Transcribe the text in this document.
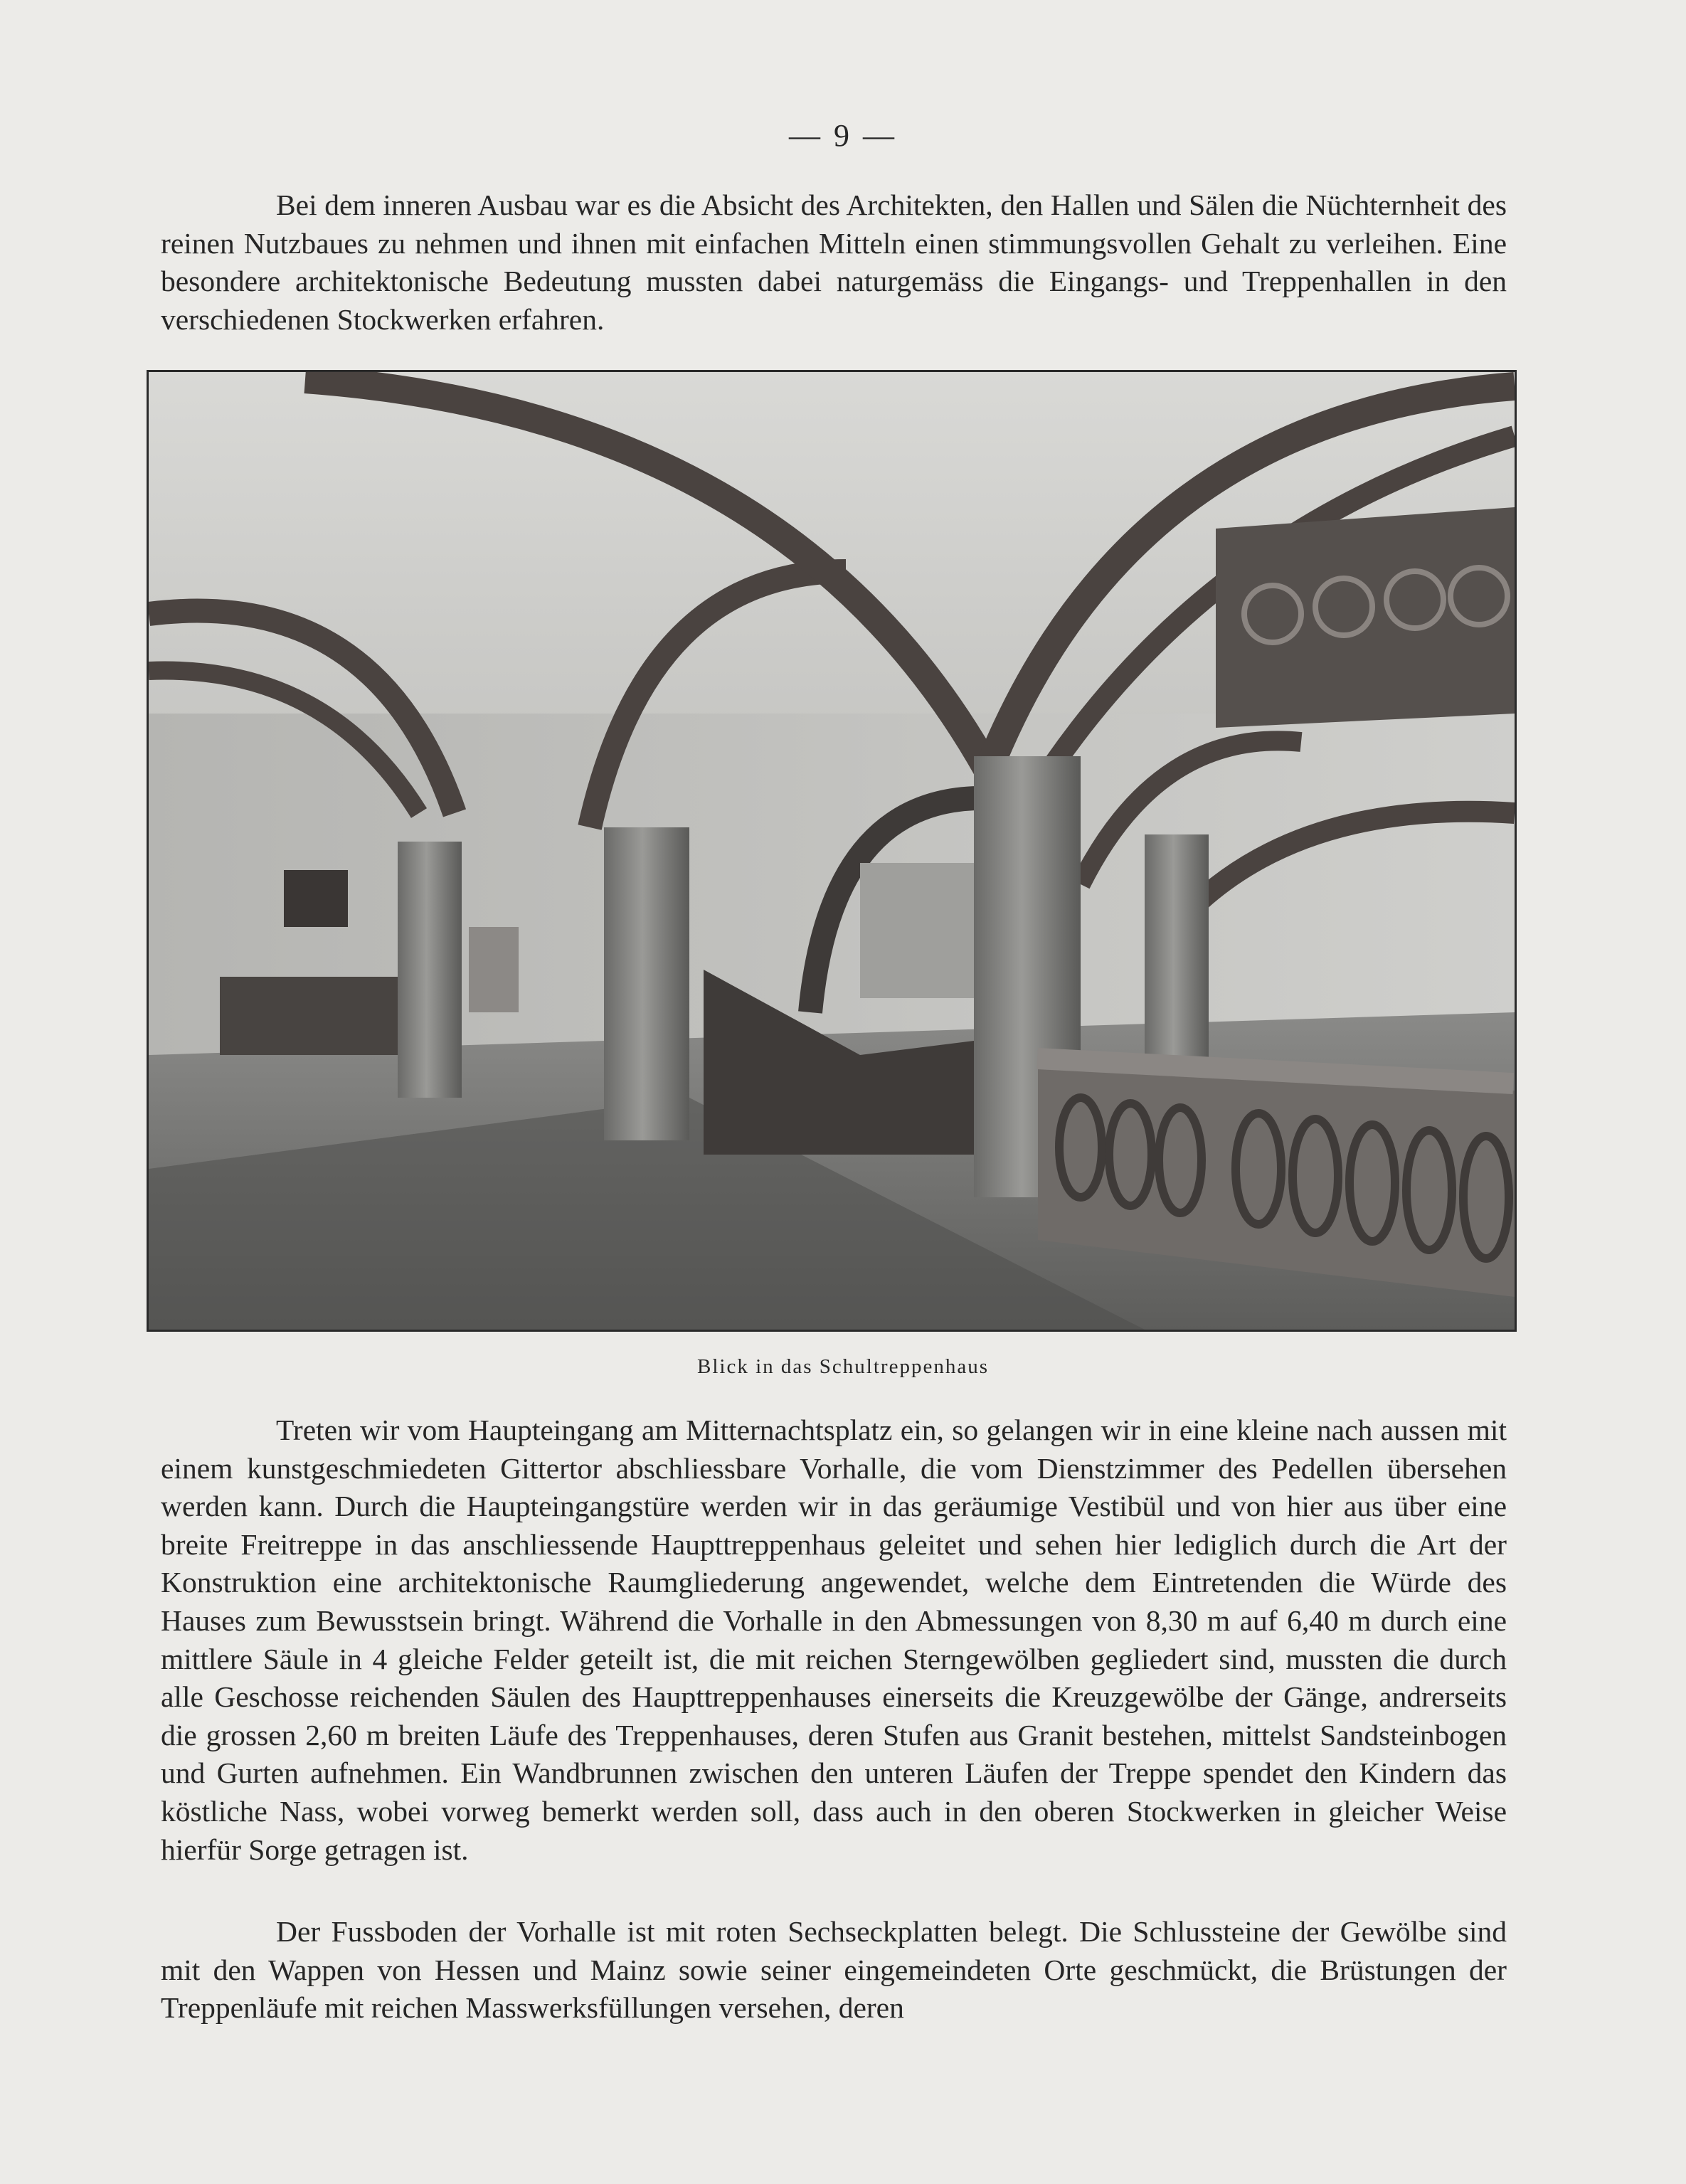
— 9 —

Bei dem inneren Ausbau war es die Absicht des Architekten, den Hallen und Sälen die Nüchternheit des reinen Nutzbaues zu nehmen und ihnen mit einfachen Mitteln einen stimmungsvollen Gehalt zu verleihen. Eine besondere architektonische Bedeutung mussten dabei naturgemäss die Eingangs- und Treppenhallen in den verschiedenen Stockwerken erfahren.

Blick in das Schultreppenhaus

Treten wir vom Haupteingang am Mitternachtsplatz ein, so gelangen wir in eine kleine nach aussen mit einem kunstgeschmiedeten Gittertor abschliessbare Vorhalle, die vom Dienstzimmer des Pedellen übersehen werden kann. Durch die Haupteingangstüre werden wir in das geräumige Vestibül und von hier aus über eine breite Freitreppe in das anschliessende Haupttreppenhaus geleitet und sehen hier lediglich durch die Art der Konstruktion eine architektonische Raumgliederung angewendet, welche dem Eintretenden die Würde des Hauses zum Bewusstsein bringt. Während die Vorhalle in den Abmessungen von 8,30 m auf 6,40 m durch eine mittlere Säule in 4 gleiche Felder geteilt ist, die mit reichen Sterngewölben gegliedert sind, mussten die durch alle Geschosse reichenden Säulen des Haupttreppenhauses einerseits die Kreuzgewölbe der Gänge, andrerseits die grossen 2,60 m breiten Läufe des Treppenhauses, deren Stufen aus Granit bestehen, mittelst Sandsteinbogen und Gurten aufnehmen. Ein Wandbrunnen zwischen den unteren Läufen der Treppe spendet den Kindern das köstliche Nass, wobei vorweg bemerkt werden soll, dass auch in den oberen Stockwerken in gleicher Weise hierfür Sorge getragen ist.

Der Fussboden der Vorhalle ist mit roten Sechseckplatten belegt. Die Schlussteine der Gewölbe sind mit den Wappen von Hessen und Mainz sowie seiner eingemeindeten Orte geschmückt, die Brüstungen der Treppenläufe mit reichen Masswerksfüllungen versehen, deren
